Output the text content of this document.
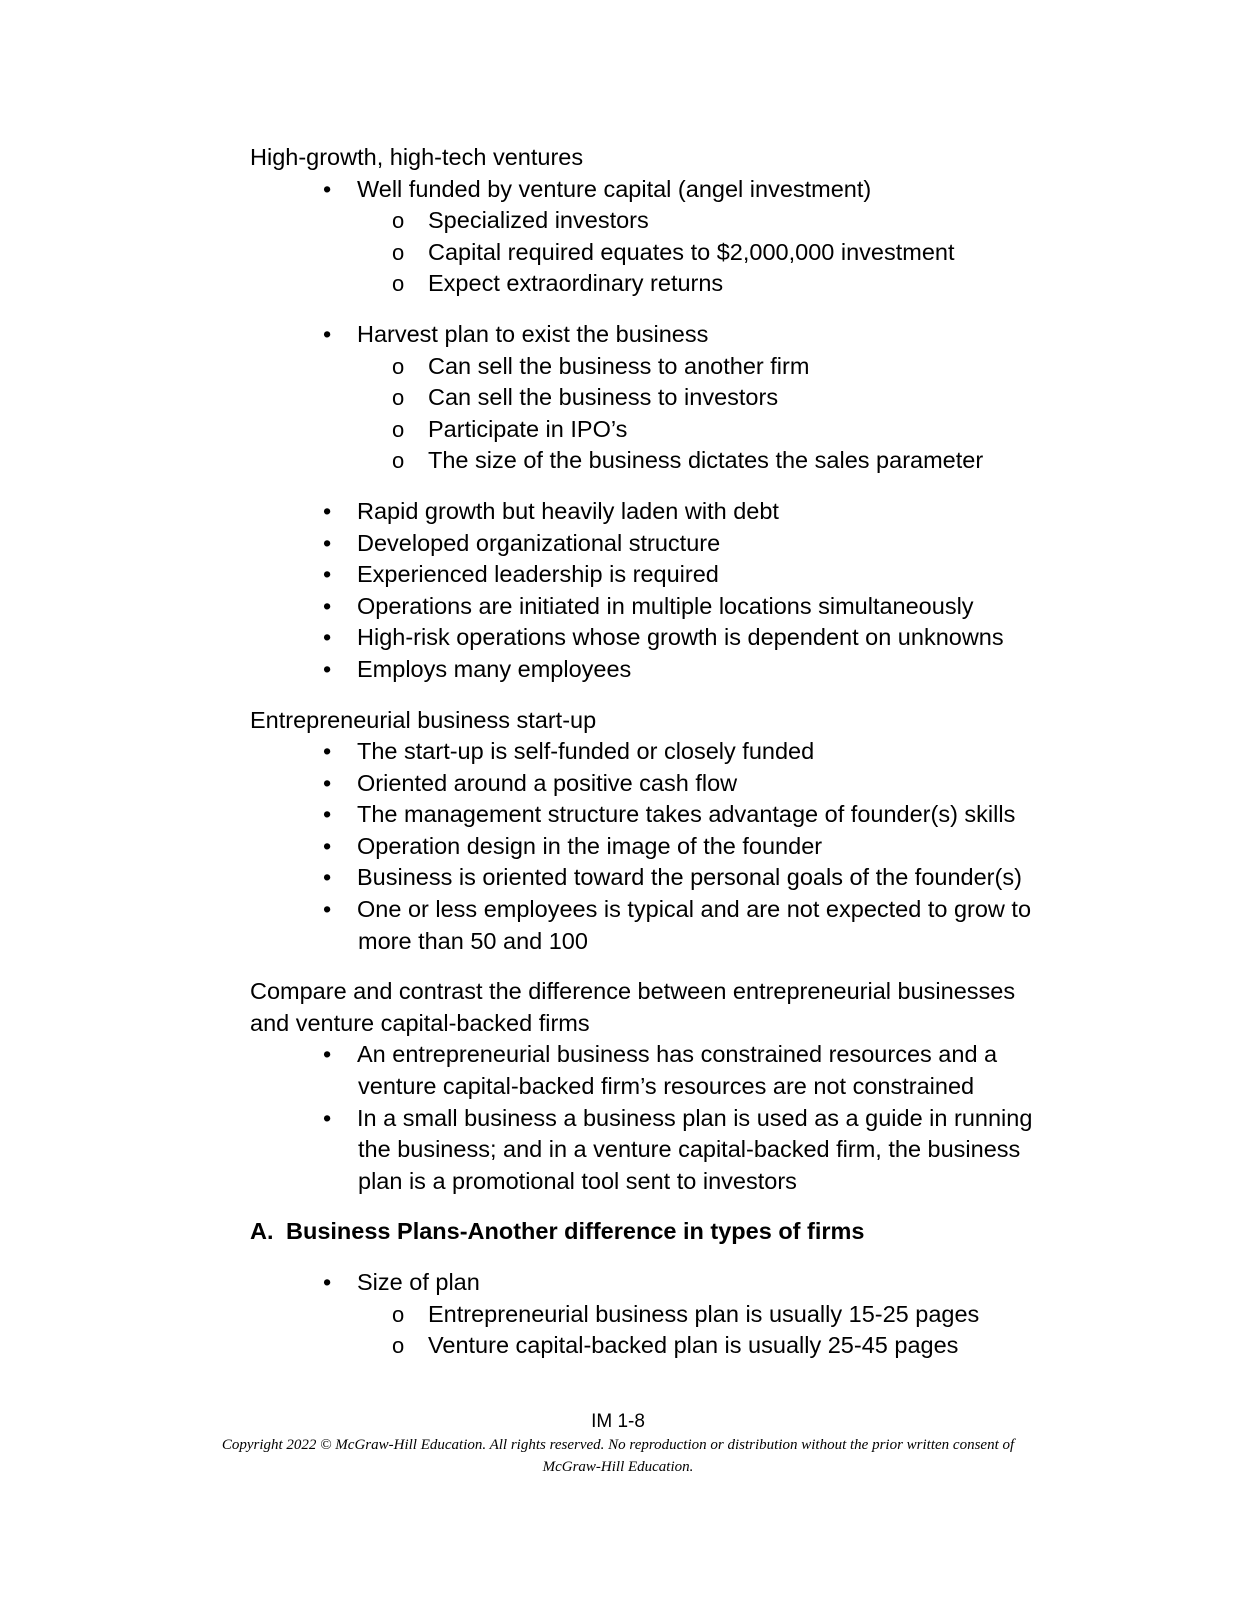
High-growth, high-tech ventures
• Well funded by venture capital (angel investment)
o Specialized investors
o Capital required equates to $2,000,000 investment
o Expect extraordinary returns
• Harvest plan to exist the business
o Can sell the business to another firm
o Can sell the business to investors
o Participate in IPO’s
o The size of the business dictates the sales parameter
• Rapid growth but heavily laden with debt
• Developed organizational structure
• Experienced leadership is required
• Operations are initiated in multiple locations simultaneously
• High-risk operations whose growth is dependent on unknowns
• Employs many employees
Entrepreneurial business start-up
• The start-up is self-funded or closely funded
• Oriented around a positive cash flow
• The management structure takes advantage of founder(s) skills
• Operation design in the image of the founder
• Business is oriented toward the personal goals of the founder(s)
• One or less employees is typical and are not expected to grow to
more than 50 and 100
Compare and contrast the difference between entrepreneurial businesses
and venture capital-backed firms
• An entrepreneurial business has constrained resources and a
venture capital-backed firm’s resources are not constrained
• In a small business a business plan is used as a guide in running
the business; and in a venture capital-backed firm, the business
plan is a promotional tool sent to investors
A. Business Plans-Another difference in types of firms
• Size of plan
o Entrepreneurial business plan is usually 15-25 pages
o Venture capital-backed plan is usually 25-45 pages
IM 1-8
Copyright 2022 © McGraw-Hill Education. All rights reserved. No reproduction or distribution without the prior written consent of
McGraw-Hill Education.
